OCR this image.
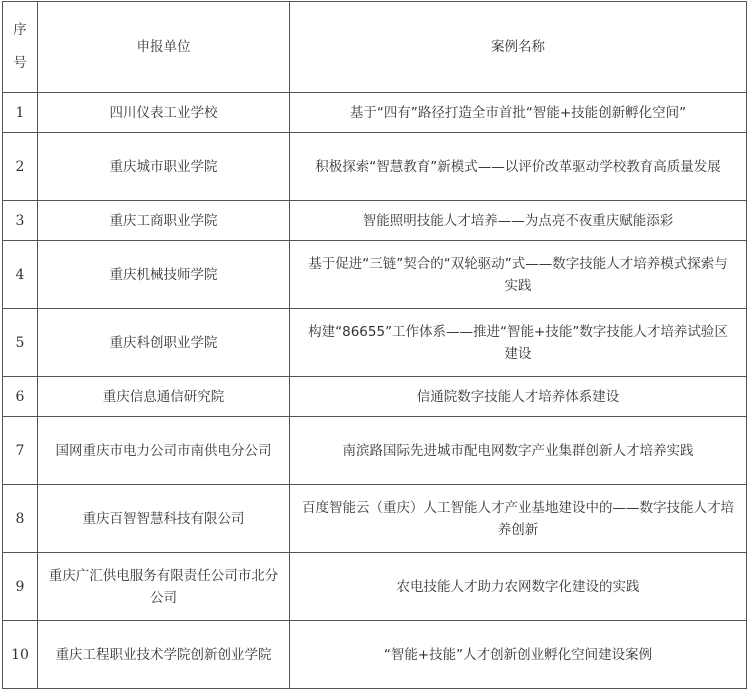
序号	申报单位	案例名称
1	四川仪表工业学校	基于“四有”路径打造全市首批“智能+技能创新孵化空间”
2	重庆城市职业学院	积极探索“智慧教育”新模式——以评价改革驱动学校教育高质量发展
3	重庆工商职业学院	智能照明技能人才培养——为点亮不夜重庆赋能添彩
4	重庆机械技师学院	基于促进“三链”契合的“双轮驱动”式——数字技能人才培养模式探索与实践
5	重庆科创职业学院	构建“86655”工作体系——推进“智能+技能”数字技能人才培养试验区建设
6	重庆信息通信研究院	信通院数字技能人才培养体系建设
7	国网重庆市电力公司市南供电分公司	南滨路国际先进城市配电网数字产业集群创新人才培养实践
8	重庆百智智慧科技有限公司	百度智能云（重庆）人工智能人才产业基地建设中的——数字技能人才培养创新
9	重庆广汇供电服务有限责任公司市北分公司	农电技能人才助力农网数字化建设的实践
10	重庆工程职业技术学院创新创业学院	“智能+技能”人才创新创业孵化空间建设案例
